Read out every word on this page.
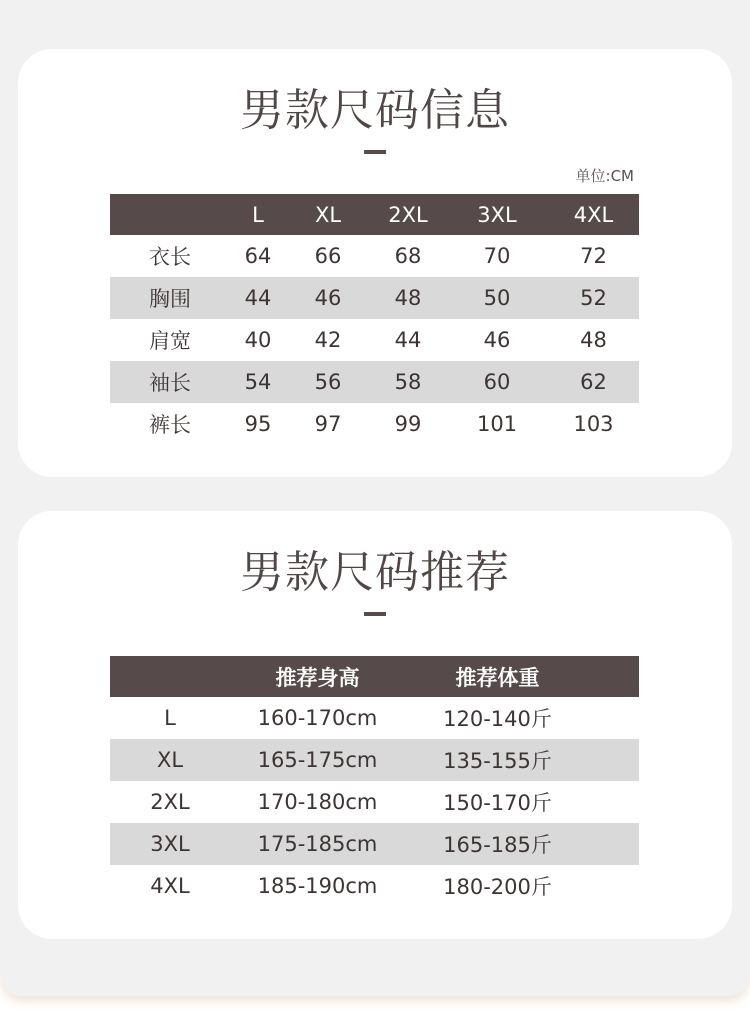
男款尺码信息
单位:CM
	L	XL	2XL	3XL	4XL
衣长	64	66	68	70	72
胸围	44	46	48	50	52
肩宽	40	42	44	46	48
袖长	54	56	58	60	62
裤长	95	97	99	101	103
男款尺码推荐
	推荐身高	推荐体重	
L	160-170cm	120-140斤	
XL	165-175cm	135-155斤	
2XL	170-180cm	150-170斤	
3XL	175-185cm	165-185斤	
4XL	185-190cm	180-200斤	
